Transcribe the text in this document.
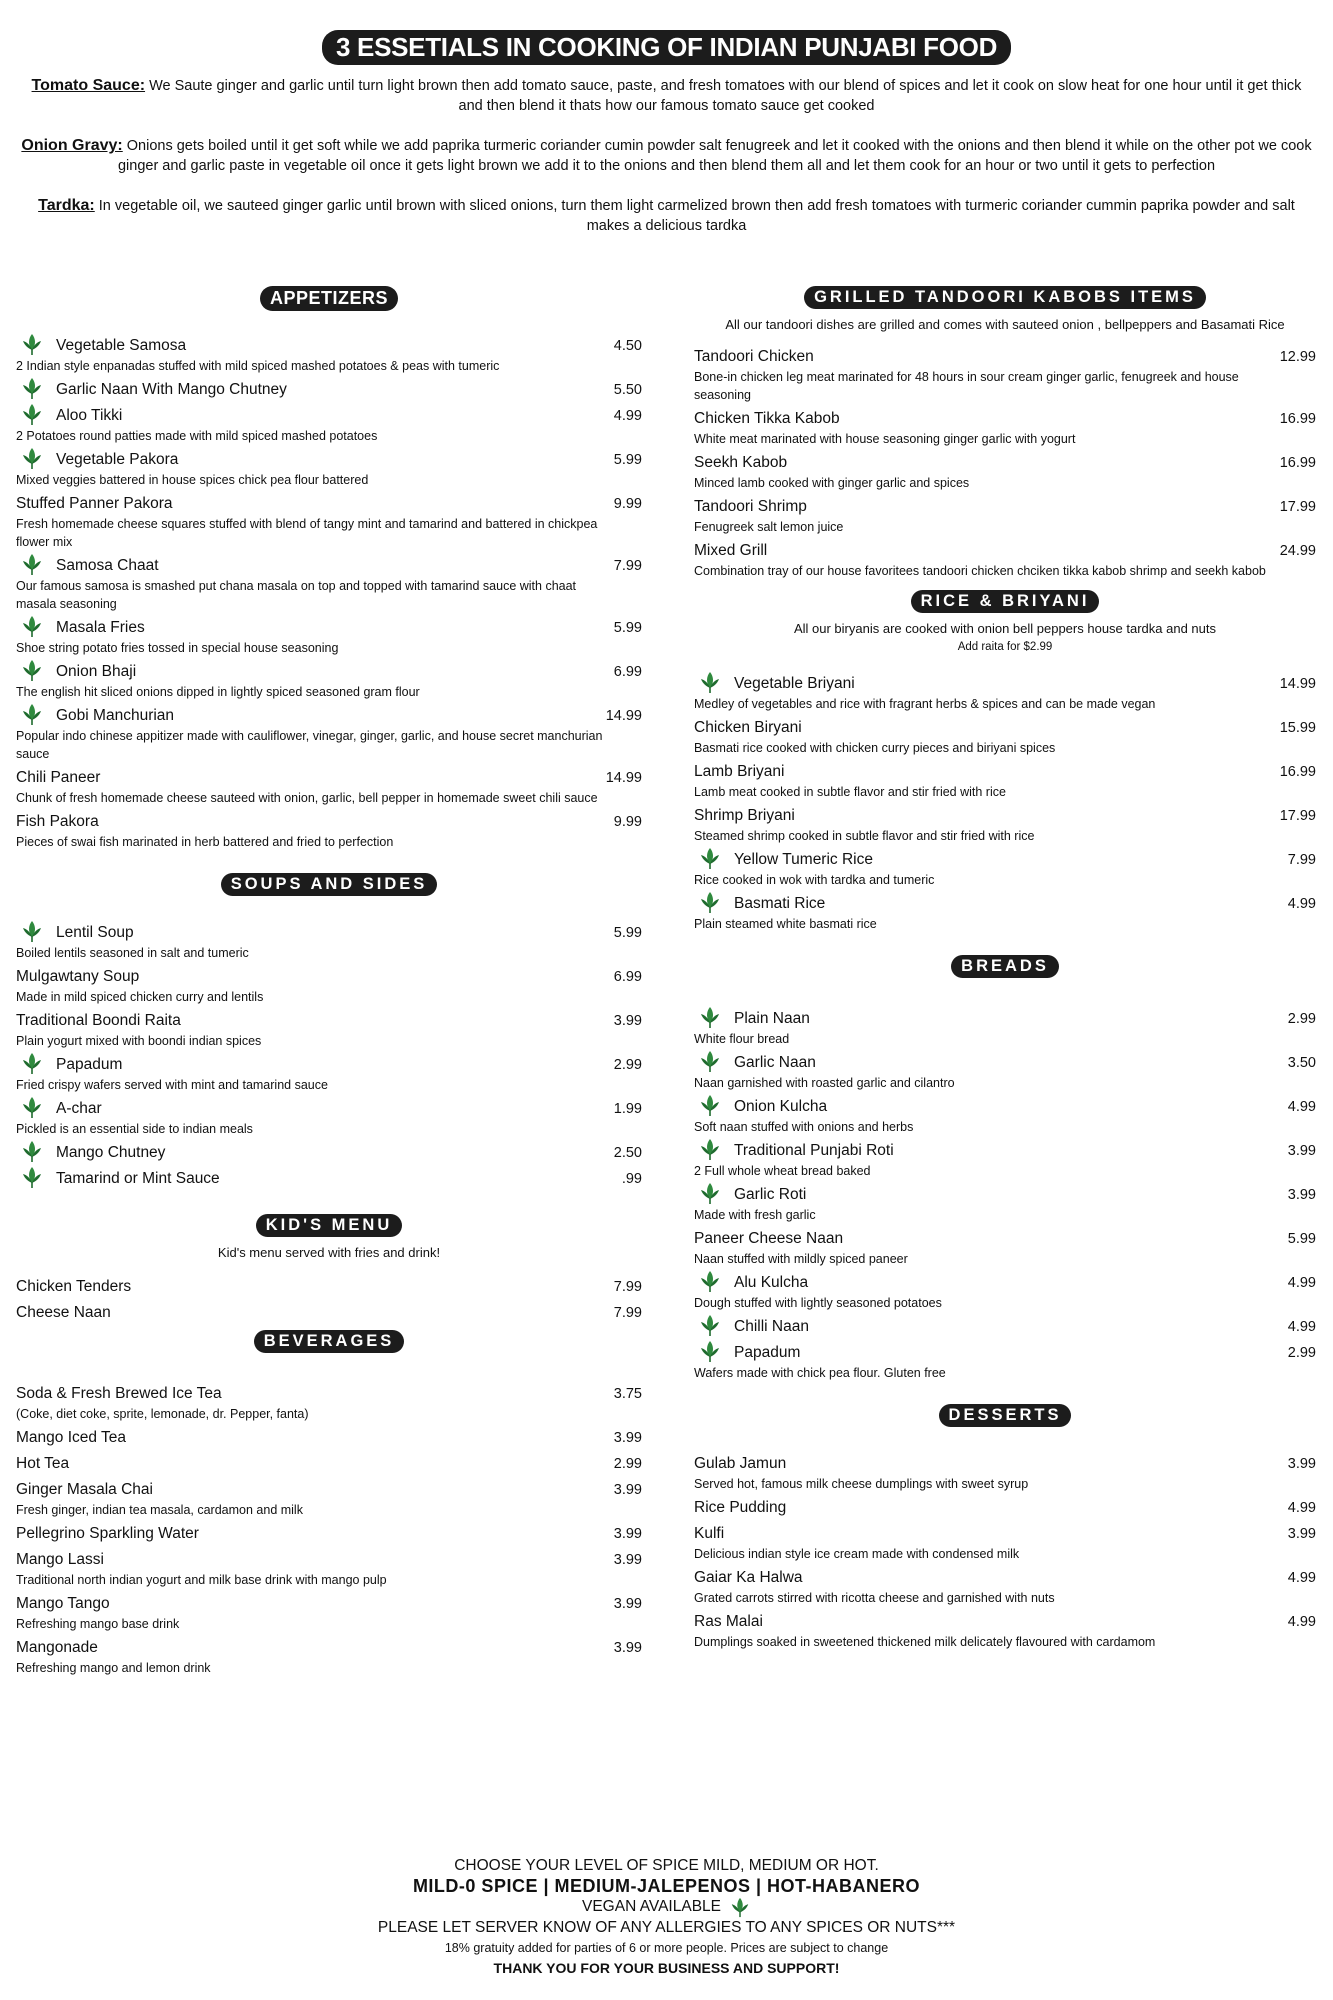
3 ESSETIALS IN COOKING OF INDIAN PUNJABI FOOD

Tomato Sauce: We Saute ginger and garlic until turn light brown then add tomato sauce, paste, and fresh tomatoes with our blend of spices and let it cook on slow heat for one hour until it get thick and then blend it thats how our famous tomato sauce get cooked

Onion Gravy: Onions gets boiled until it get soft while we add paprika turmeric coriander cumin powder salt fenugreek and let it cooked with the onions and then blend it while on the other pot we cook ginger and garlic paste in vegetable oil once it gets light brown we add it to the onions and then blend them all and let them cook for an hour or two until it gets to perfection

Tardka: In vegetable oil, we sauteed ginger garlic until brown with sliced onions, turn them light carmelized brown then add fresh tomatoes with turmeric coriander cummin paprika powder and salt makes a delicious tardka

APPETIZERS
Vegetable Samosa	4.50
2 Indian style enpanadas stuffed with mild spiced mashed potatoes & peas with tumeric
Garlic Naan With Mango Chutney	5.50
Aloo Tikki	4.99
2 Potatoes round patties made with mild spiced mashed potatoes
Vegetable Pakora	5.99
Mixed veggies battered in house spices chick pea flour battered
Stuffed Panner Pakora	9.99
Fresh homemade cheese squares stuffed with blend of tangy mint and tamarind and battered in chickpea flower mix
Samosa Chaat	7.99
Our famous samosa is smashed put chana masala on top and topped with tamarind sauce with chaat masala seasoning
Masala Fries	5.99
Shoe string potato fries tossed in special house seasoning
Onion Bhaji	6.99
The english hit sliced onions dipped in lightly spiced seasoned gram flour
Gobi Manchurian	14.99
Popular indo chinese appitizer made with cauliflower, vinegar, ginger, garlic, and house secret manchurian sauce
Chili Paneer	14.99
Chunk of fresh homemade cheese sauteed with onion, garlic, bell pepper in homemade sweet chili sauce
Fish Pakora	9.99
Pieces of swai fish marinated in herb battered and fried to perfection
SOUPS AND SIDES
Lentil Soup	5.99
Boiled lentils seasoned in salt and tumeric
Mulgawtany Soup	6.99
Made in mild spiced chicken curry and lentils
Traditional Boondi Raita	3.99
Plain yogurt mixed with boondi indian spices
Papadum	2.99
Fried crispy wafers served with mint and tamarind sauce
A-char	1.99
Pickled is an essential side to indian meals
Mango Chutney	2.50
Tamarind or Mint Sauce	.99
KID'S MENU
Kid's menu served with fries and drink!
Chicken Tenders	7.99
Cheese Naan	7.99
BEVERAGES
Soda & Fresh Brewed Ice Tea	3.75
(Coke, diet coke, sprite, lemonade, dr. Pepper, fanta)
Mango Iced Tea	3.99
Hot Tea	2.99
Ginger Masala Chai	3.99
Fresh ginger, indian tea masala, cardamon and milk
Pellegrino Sparkling Water	3.99
Mango Lassi	3.99
Traditional north indian yogurt and milk base drink with mango pulp
Mango Tango	3.99
Refreshing mango base drink
Mangonade	3.99
Refreshing mango and lemon drink
GRILLED TANDOORI KABOBS ITEMS
All our tandoori dishes are grilled and comes with sauteed onion , bellpeppers and Basamati Rice
Tandoori Chicken	12.99
Bone-in chicken leg meat marinated for 48 hours in sour cream ginger garlic, fenugreek and house seasoning
Chicken Tikka Kabob	16.99
White meat marinated with house seasoning ginger garlic with yogurt
Seekh Kabob	16.99
Minced lamb cooked with ginger garlic and spices
Tandoori Shrimp	17.99
Fenugreek salt lemon juice
Mixed Grill	24.99
Combination tray of our house favoritees tandoori chicken chciken tikka kabob shrimp and seekh kabob
RICE & BRIYANI
All our biryanis are cooked with onion bell peppers house tardka and nuts
Add raita for $2.99
Vegetable Briyani	14.99
Medley of vegetables and rice with fragrant herbs & spices and can be made vegan
Chicken Biryani	15.99
Basmati rice cooked with chicken curry pieces and biriyani spices
Lamb Briyani	16.99
Lamb meat cooked in subtle flavor and stir fried with rice
Shrimp Briyani	17.99
Steamed shrimp cooked in subtle flavor and stir fried with rice
Yellow Tumeric Rice	7.99
Rice cooked in wok with tardka and tumeric
Basmati Rice	4.99
Plain steamed white basmati rice
BREADS
Plain Naan	2.99
White flour bread
Garlic Naan	3.50
Naan garnished with roasted garlic and cilantro
Onion Kulcha	4.99
Soft naan stuffed with onions and herbs
Traditional Punjabi Roti	3.99
2 Full whole wheat bread baked
Garlic Roti	3.99
Made with fresh garlic
Paneer Cheese Naan	5.99
Naan stuffed with mildly spiced paneer
Alu Kulcha	4.99
Dough stuffed with lightly seasoned potatoes
Chilli Naan	4.99
Papadum	2.99
Wafers made with chick pea flour. Gluten free
DESSERTS
Gulab Jamun	3.99
Served hot, famous milk cheese dumplings with sweet syrup
Rice Pudding	4.99
Kulfi	3.99
Delicious indian style ice cream made with condensed milk
Gaiar Ka Halwa	4.99
Grated carrots stirred with ricotta cheese and garnished with nuts
Ras Malai	4.99
Dumplings soaked in sweetened thickened milk delicately flavoured with cardamom
CHOOSE YOUR LEVEL OF SPICE MILD, MEDIUM OR HOT.
MILD-0 SPICE | MEDIUM-JALEPENOS | HOT-HABANERO
VEGAN AVAILABLE
PLEASE LET SERVER KNOW OF ANY ALLERGIES TO ANY SPICES OR NUTS***
18% gratuity added for parties of 6 or more people. Prices are subject to change
THANK YOU FOR YOUR BUSINESS AND SUPPORT!
